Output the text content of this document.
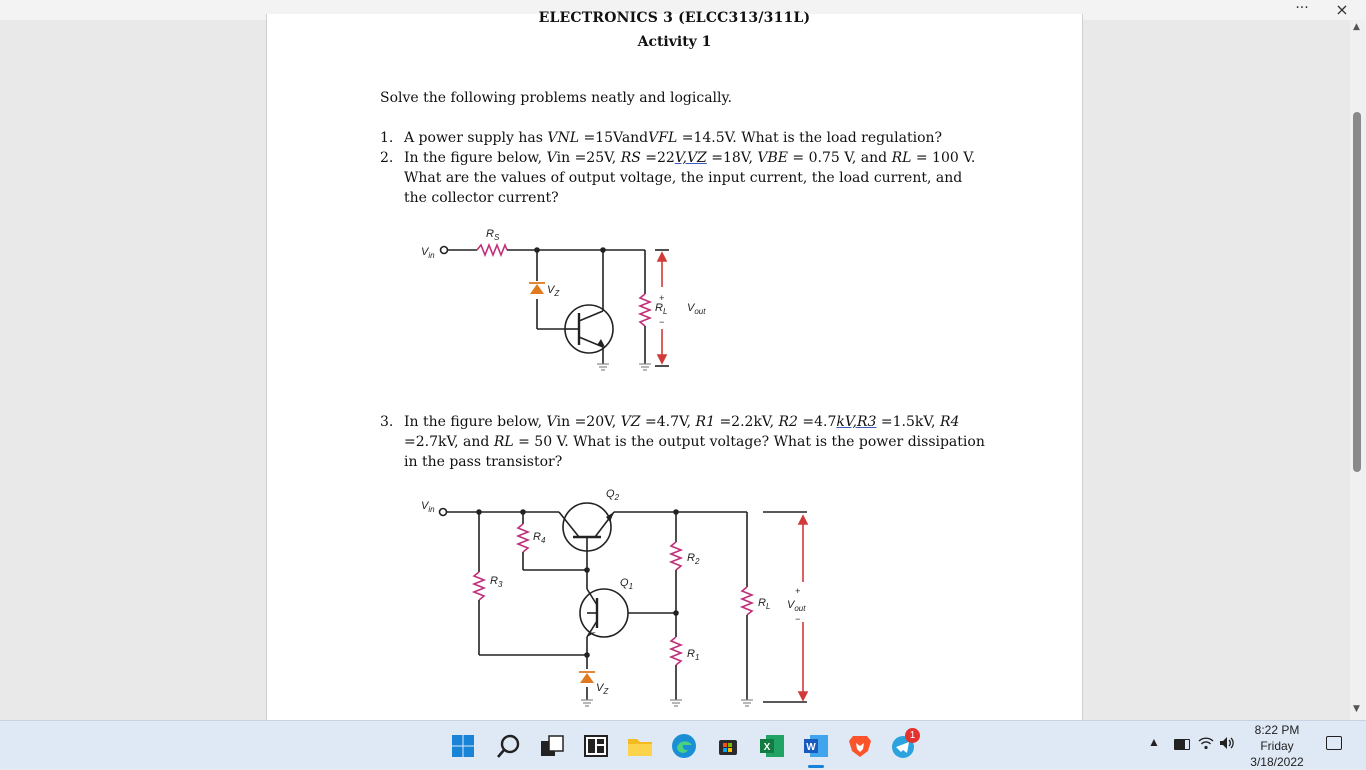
···	×
ELECTRONICS 3 (ELCC313/311L)
Activity 1
Solve the following problems neatly and logically.
1. A power supply has VNL =15VandVFL =14.5V. What is the load regulation?
2. In the figure below, Vin =25V, RS =22V,VZ =18V, VBE = 0.75 V, and RL = 100 V. What are the values of output voltage, the input current, the load current, and the collector current?
$V_{in}$
$R_S$
$V_Z$
$R_L$
+
$V_{out}$
−
3. In the figure below, Vin =20V, VZ =4.7V, R1 =2.2kV, R2 =4.7kV,R3 =1.5kV, R4 =2.7kV, and RL = 50 V. What is the output voltage? What is the power dissipation in the pass transistor?
$V_{in}$
$Q_2$
$R_4$
$R_2$
$R_3$	$Q_1$
$R_L$
+
$V_{out}$
−
$R_1$
$V_Z$
▲
▼
X	W
1	▲
8:22 PM
Friday
3/18/2022
